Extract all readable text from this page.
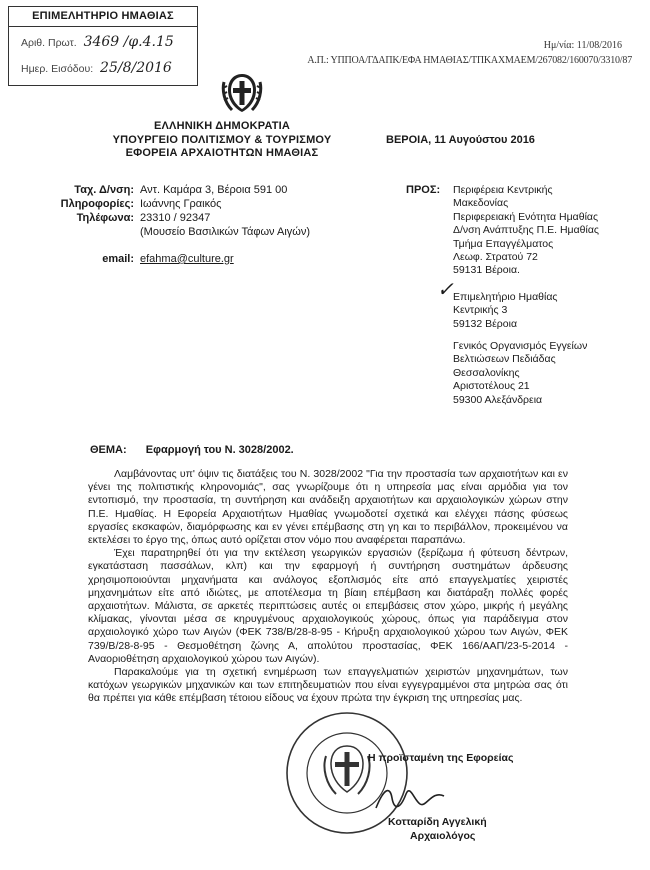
ΕΠΙΜΕΛΗΤΗΡΙΟ ΗΜΑΘΙΑΣ
Αριθ. Πρωτ. 3469 /φ.4.15
Ημερ. Εισόδου: 25/8/2016
Ημ/νία: 11/08/2016
Α.Π.: ΥΠΠΟΑ/ΓΔΑΠΚ/ΕΦΑ ΗΜΑΘΙΑΣ/ΤΠΚΑΧΜΑΕΜ/267082/160070/3310/87
ΕΛΛΗΝΙΚΗ ΔΗΜΟΚΡΑΤΙΑ
ΥΠΟΥΡΓΕΙΟ ΠΟΛΙΤΙΣΜΟΥ & ΤΟΥΡΙΣΜΟΥ
ΕΦΟΡΕΙΑ ΑΡΧΑΙΟΤΗΤΩΝ ΗΜΑΘΙΑΣ
ΒΕΡΟΙΑ, 11 Αυγούστου 2016
Ταχ. Δ/νση: Αντ. Καμάρα 3, Βέροια 591 00
Πληροφορίες: Ιωάννης Γραικός
Τηλέφωνα: 23310 / 92347
(Μουσείο Βασιλικών Τάφων Αιγών)
email: efahma@culture.gr
ΠΡΟΣ: Περιφέρεια Κεντρικής
Μακεδονίας
Περιφερειακή Ενότητα Ημαθίας
Δ/νση Ανάπτυξης Π.Ε. Ημαθίας
Τμήμα Επαγγέλματος
Λεωφ. Στρατού 72
59131 Βέροια.
✓ Επιμελητήριο Ημαθίας
Κεντρικής 3
59132 Βέροια
Γενικός Οργανισμός Εγγείων
Βελτιώσεων Πεδιάδας
Θεσσαλονίκης
Αριστοτέλους 21
59300 Αλεξάνδρεια
ΘΕΜΑ: Εφαρμογή του Ν. 3028/2002.

Λαμβάνοντας υπ' όψιν τις διατάξεις του Ν. 3028/2002 "Για την προστασία των αρχαιοτήτων και εν γένει της πολιτιστικής κληρονομιάς", σας γνωρίζουμε ότι η υπηρεσία μας είναι αρμόδια για τον εντοπισμό, την προστασία, τη συντήρηση και ανάδειξη αρχαιοτήτων και αρχαιολογικών χώρων στην Π.Ε. Ημαθίας. Η Εφορεία Αρχαιοτήτων Ημαθίας γνωμοδοτεί σχετικά και ελέγχει πάσης φύσεως εργασίες εκσκαφών, διαμόρφωσης και εν γένει επέμβασης στη γη και το περιβάλλον, προκειμένου να εκτελέσει το έργο της, όπως αυτό ορίζεται στον νόμο που αναφέρεται παραπάνω.

Έχει παρατηρηθεί ότι για την εκτέλεση γεωργικών εργασιών (ξερίζωμα ή φύτευση δέντρων, εγκατάσταση πασσάλων, κλπ) και την εφαρμογή ή συντήρηση συστημάτων άρδευσης χρησιμοποιούνται μηχανήματα και ανάλογος εξοπλισμός είτε από επαγγελματίες χειριστές μηχανημάτων είτε από ιδιώτες, με αποτέλεσμα τη βίαιη επέμβαση και διατάραξη πολλές φορές αρχαιοτήτων. Μάλιστα, σε αρκετές περιπτώσεις αυτές οι επεμβάσεις στον χώρο, μικρής ή μεγάλης κλίμακας, γίνονται μέσα σε κηρυγμένους αρχαιολογικούς χώρους, όπως για παράδειγμα στον αρχαιολογικό χώρο των Αιγών (ΦΕΚ 738/Β/28-8-95 - Κήρυξη αρχαιολογικού χώρου των Αιγών, ΦΕΚ 739/Β/28-8-95 - Θεσμοθέτηση ζώνης Α, απολύτου προστασίας, ΦΕΚ 166/ΑΑΠ/23-5-2014 - Αναοριοθέτηση αρχαιολογικού χώρου των Αιγών).

Παρακαλούμε για τη σχετική ενημέρωση των επαγγελματιών χειριστών μηχανημάτων, των κατόχων γεωργικών μηχανικών και των επιτηδευματιών που είναι εγγεγραμμένοι στα μητρώα σας ότι θα πρέπει για κάθε επέμβαση τέτοιου είδους να έχουν πρώτα την έγκριση της υπηρεσίας μας.

Η προϊσταμένη της Εφορείας
Κοτταρίδη Αγγελική
Αρχαιολόγος
